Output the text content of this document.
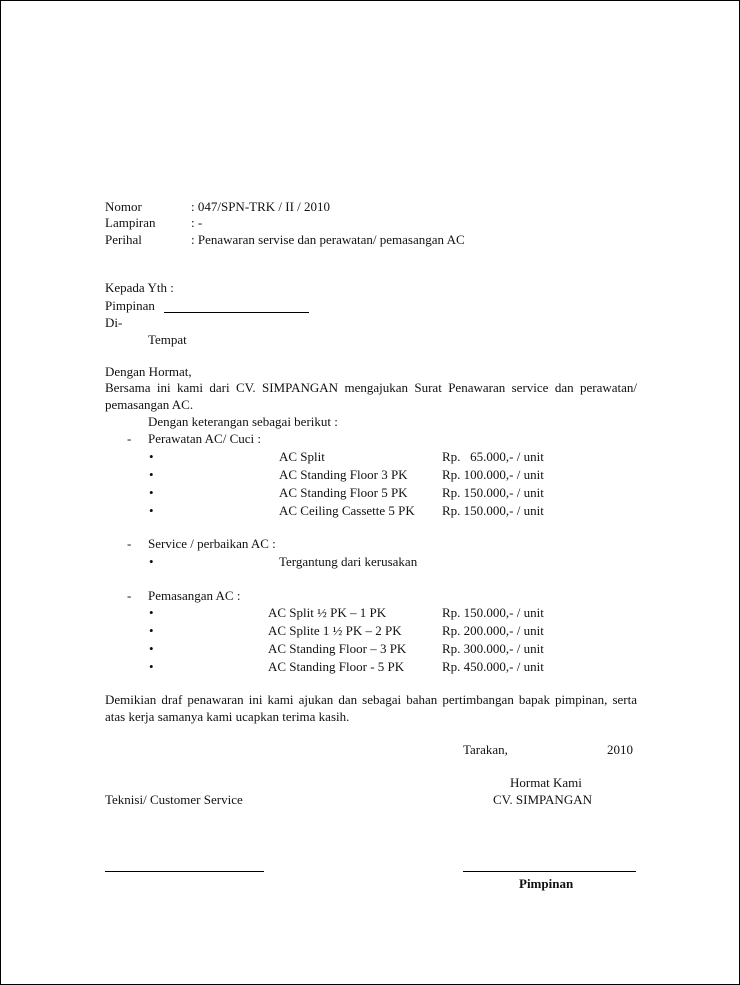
Nomor	: 047/SPN-TRK / II / 2010
Lampiran	: -
Perihal	: Penawaran servise dan perawatan/ pemasangan AC
Kepada Yth :
Pimpinan
Di-
Tempat
Dengan Hormat,
Bersama ini kami dari CV. SIMPANGAN mengajukan Surat Penawaran service dan perawatan/ pemasangan AC.
Dengan keterangan sebagai berikut :
- Perawatan AC/ Cuci :
•	AC Split	Rp.   65.000,- / unit
•	AC Standing Floor 3 PK	Rp. 100.000,- / unit
•	AC Standing Floor 5 PK	Rp. 150.000,- / unit
•	AC Ceiling Cassette 5 PK Rp. 150.000,- / unit
- Service / perbaikan AC :
•	Tergantung dari kerusakan
- Pemasangan AC :
•	AC Split ½ PK – 1 PK	Rp. 150.000,- / unit
•	AC Splite 1 ½ PK – 2 PK	Rp. 200.000,- / unit
•	AC Standing Floor – 3 PK	Rp. 300.000,- / unit
•	AC Standing Floor - 5 PK	Rp. 450.000,- / unit
Demikian draf penawaran ini kami ajukan dan sebagai bahan pertimbangan bapak pimpinan, serta atas kerja samanya kami ucapkan terima kasih.
Tarakan,	2010
Hormat Kami
CV. SIMPANGAN
Teknisi/ Customer Service
Pimpinan
